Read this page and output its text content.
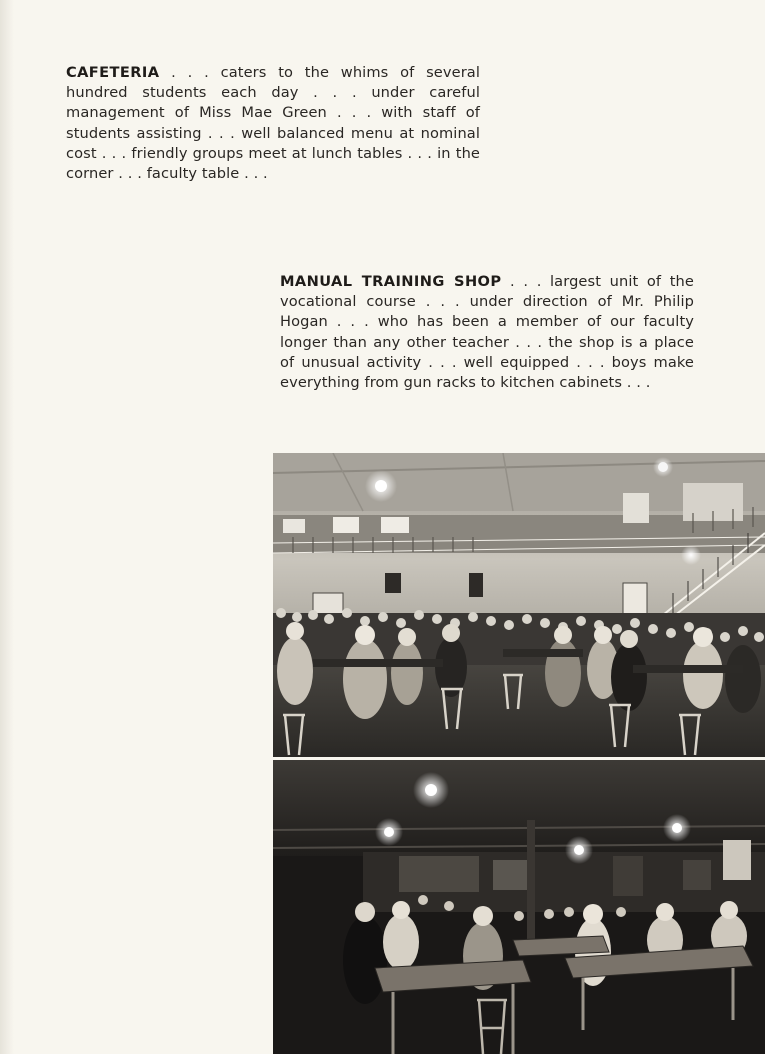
CAFETERIA . . . caters to the whims of several hundred students each day . . . under careful management of Miss Mae Green . . . with staff of students assisting . . . well balanced menu at nominal cost . . . friendly groups meet at lunch tables . . . in the corner . . . faculty table . . .
MANUAL TRAINING SHOP . . . largest unit of the vocational course . . . under direction of Mr. Philip Hogan . . . who has been a member of our faculty longer than any other teacher . . . the shop is a place of unusual activity . . . well equipped . . . boys make everything from gun racks to kitchen cabinets . . .
